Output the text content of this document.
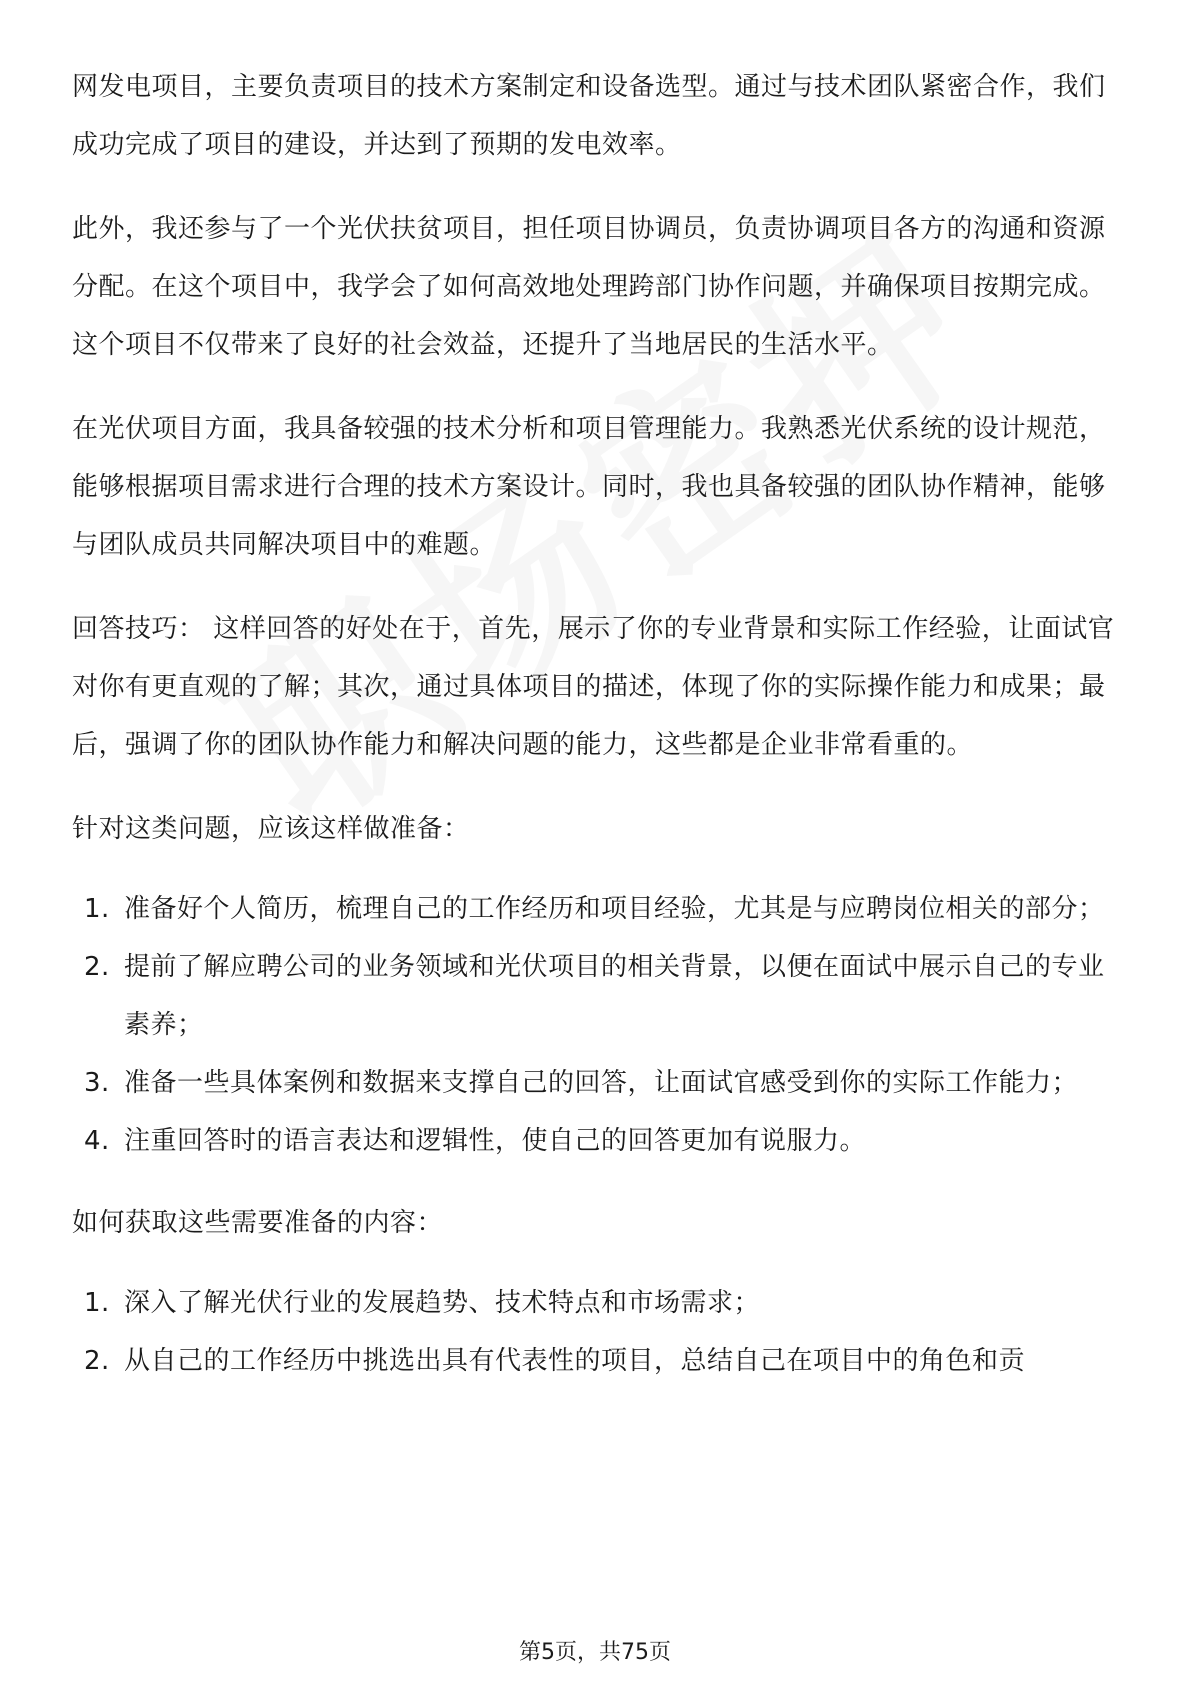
网发电项目，主要负责项目的技术方案制定和设备选型。通过与技术团队紧密合作，我们成功完成了项目的建设，并达到了预期的发电效率。

此外，我还参与了一个光伏扶贫项目，担任项目协调员，负责协调项目各方的沟通和资源分配。在这个项目中，我学会了如何高效地处理跨部门协作问题，并确保项目按期完成。这个项目不仅带来了良好的社会效益，还提升了当地居民的生活水平。

在光伏项目方面，我具备较强的技术分析和项目管理能力。我熟悉光伏系统的设计规范，能够根据项目需求进行合理的技术方案设计。同时，我也具备较强的团队协作精神，能够与团队成员共同解决项目中的难题。

回答技巧： 这样回答的好处在于，首先，展示了你的专业背景和实际工作经验，让面试官对你有更直观的了解；其次，通过具体项目的描述，体现了你的实际操作能力和成果；最后，强调了你的团队协作能力和解决问题的能力，这些都是企业非常看重的。

针对这类问题，应该这样做准备：

1. 准备好个人简历，梳理自己的工作经历和项目经验，尤其是与应聘岗位相关的部分；
2. 提前了解应聘公司的业务领域和光伏项目的相关背景，以便在面试中展示自己的专业素养；
3. 准备一些具体案例和数据来支撑自己的回答，让面试官感受到你的实际工作能力；
4. 注重回答时的语言表达和逻辑性，使自己的回答更加有说服力。

如何获取这些需要准备的内容：

1. 深入了解光伏行业的发展趋势、技术特点和市场需求；
2. 从自己的工作经历中挑选出具有代表性的项目，总结自己在项目中的角色和贡
第5页，共75页
